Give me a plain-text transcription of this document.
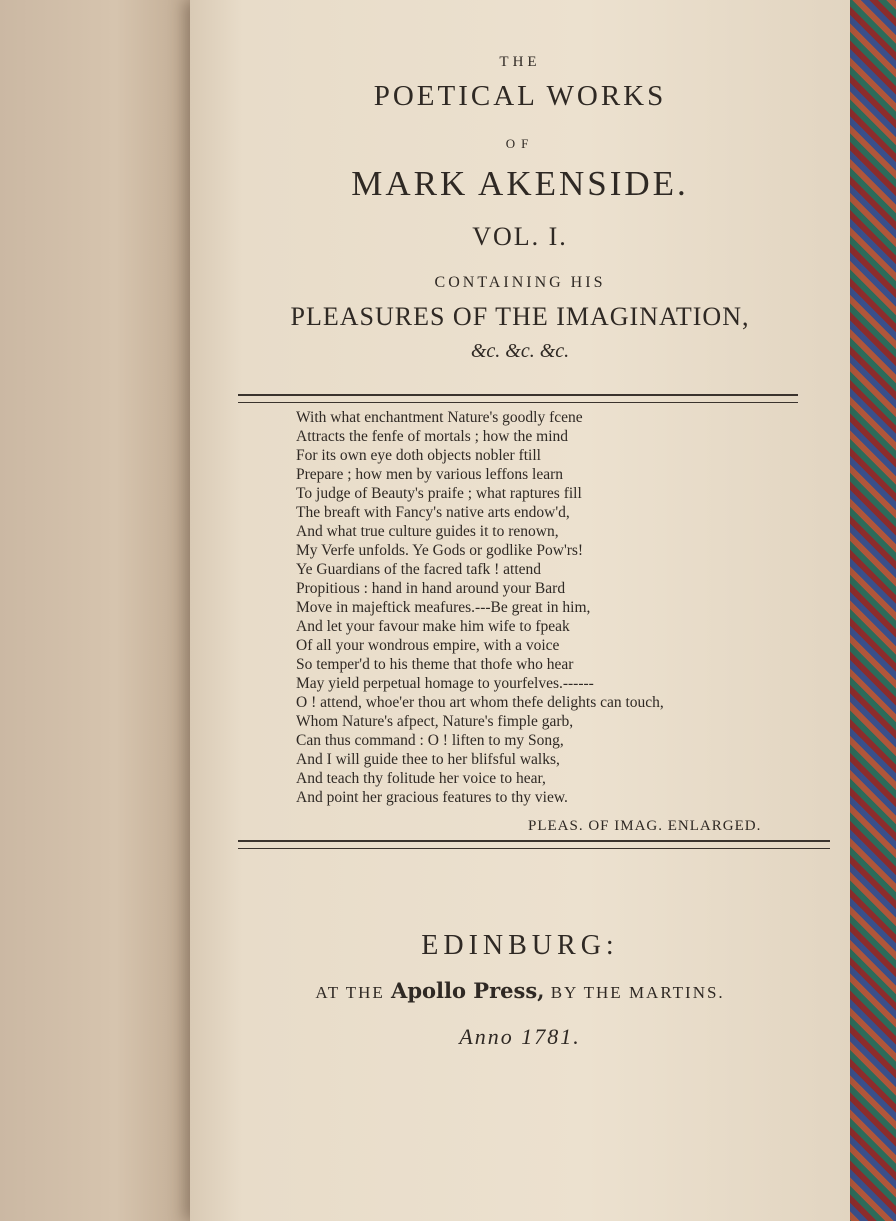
THE
POETICAL WORKS
OF
MARK AKENSIDE.
VOL. I.
CONTAINING HIS
PLEASURES OF THE IMAGINATION,
&c. &c. &c.
With what enchantment Nature's goodly fcene
Attracts the fenfe of mortals ; how the mind
For its own eye doth objects nobler ftill
Prepare ; how men by various leffons learn
To judge of Beauty's praife ; what raptures fill
The breaft with Fancy's native arts endow'd,
And what true culture guides it to renown,
My Verfe unfolds. Ye Gods or godlike Pow'rs!
Ye Guardians of the facred tafk ! attend
Propitious : hand in hand around your Bard
Move in majeftick meafures.---Be great in him,
And let your favour make him wife to fpeak
Of all your wondrous empire, with a voice
So temper'd to his theme that thofe who hear
May yield perpetual homage to yourfelves.------
O ! attend, whoe'er thou art whom thefe delights can touch,
Whom Nature's afpect, Nature's fimple garb,
Can thus command : O ! liften to my Song,
And I will guide thee to her blifsful walks,
And teach thy folitude her voice to hear,
And point her gracious features to thy view.
PLEAS. OF IMAG. ENLARGED.
EDINBURG:
AT THE Apollo Press, BY THE MARTINS.
Anno 1781.
